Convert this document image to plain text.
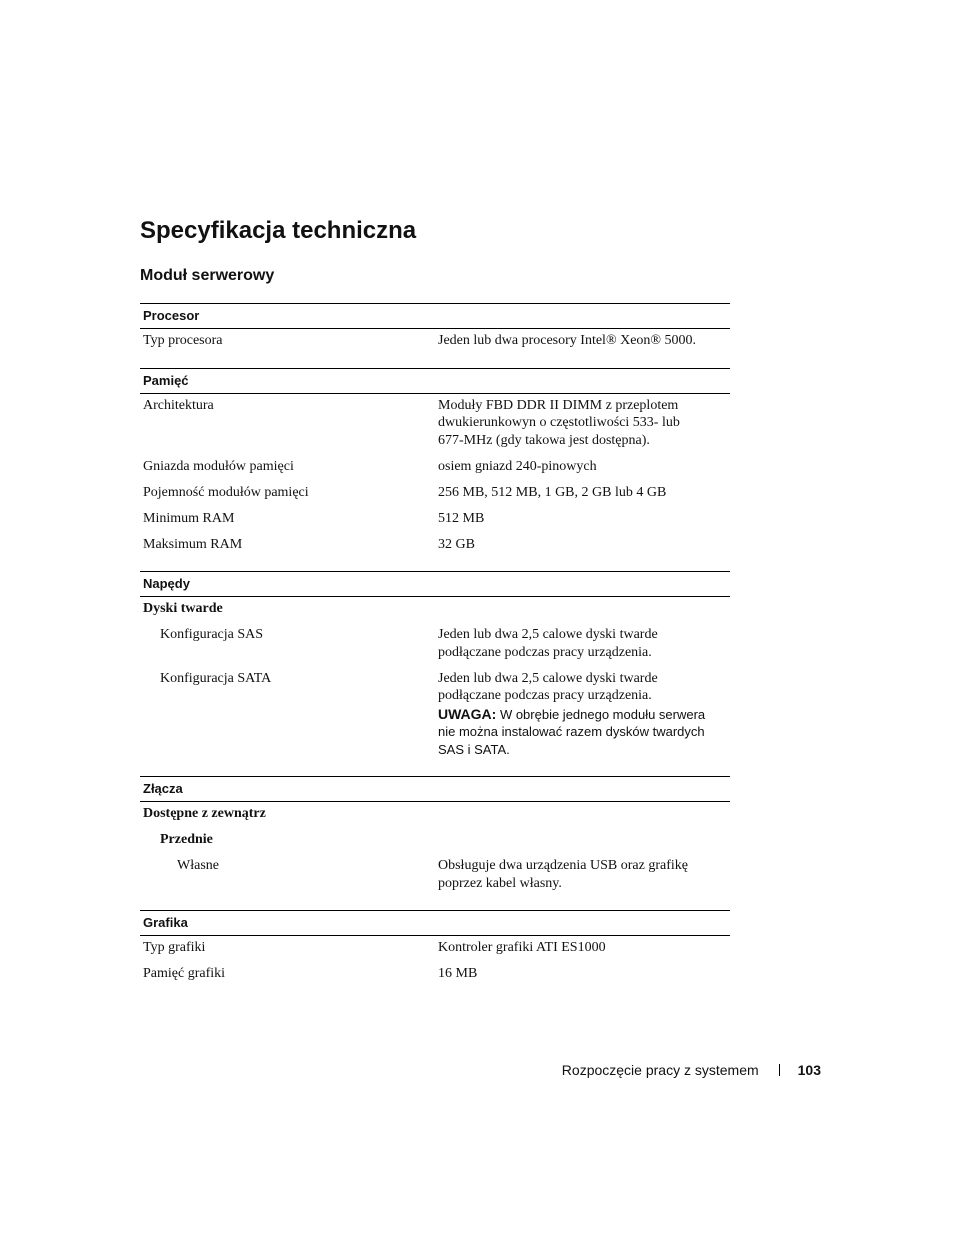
Specyfikacja techniczna
Moduł serwerowy
Procesor
Typ procesora	Jeden lub dwa procesory Intel® Xeon® 5000.
Pamięć
Architektura	Moduły FBD DDR II DIMM z przeplotem
dwukierunkowyn o częstotliwości 533- lub
677-MHz (gdy takowa jest dostępna).
Gniazda modułów pamięci	osiem gniazd 240-pinowych
Pojemność modułów pamięci	256 MB, 512 MB, 1 GB, 2 GB lub 4 GB
Minimum RAM	512 MB
Maksimum RAM	32 GB
Napędy
Dyski twarde
Konfiguracja SAS	Jeden lub dwa 2,5 calowe dyski twarde
podłączane podczas pracy urządzenia.
Konfiguracja SATA	Jeden lub dwa 2,5 calowe dyski twarde
podłączane podczas pracy urządzenia.
UWAGA: W obrębie jednego modułu serwera
nie można instalować razem dysków twardych
SAS i SATA.
Złącza
Dostępne z zewnątrz
Przednie
Własne	Obsługuje dwa urządzenia USB oraz grafikę
poprzez kabel własny.
Grafika
Typ grafiki	Kontroler grafiki ATI ES1000
Pamięć grafiki	16 MB
Rozpoczęcie pracy z systemem	103
